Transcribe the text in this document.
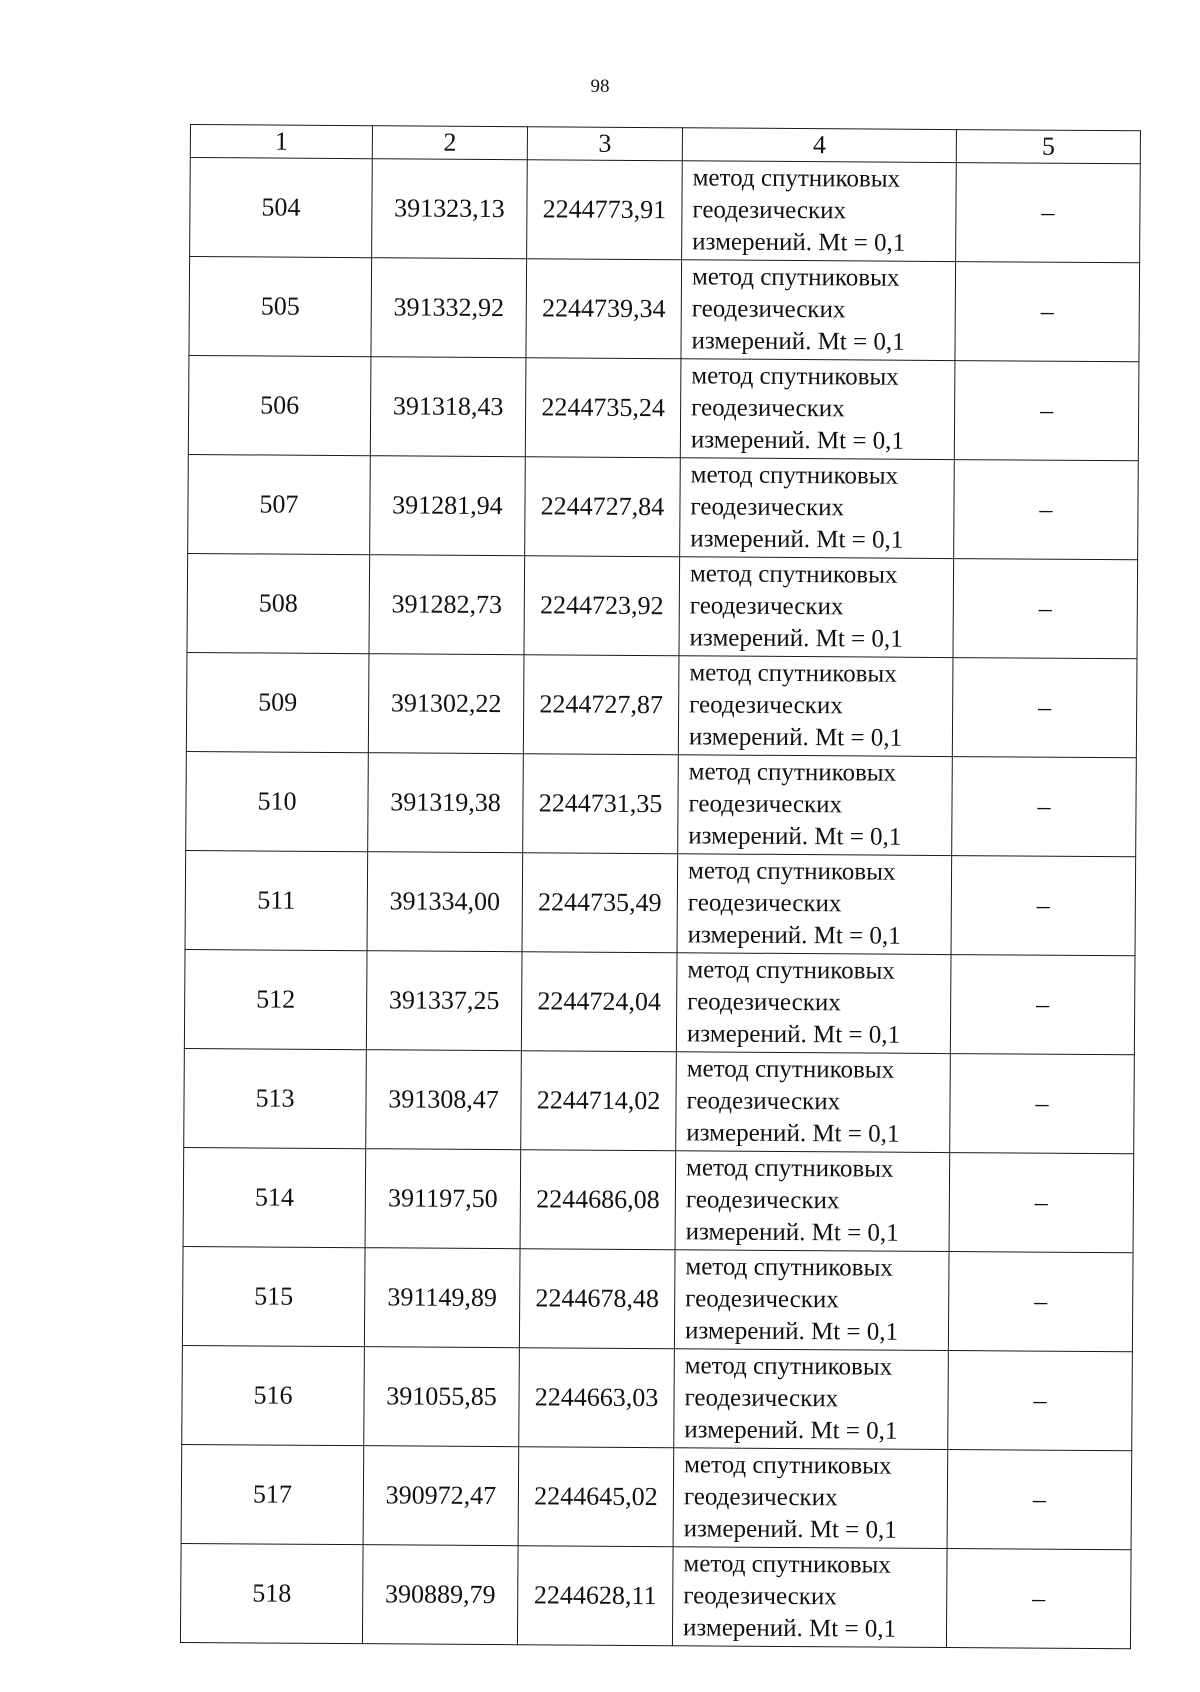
98
1	2	3	4	5
504	391323,13	2244773,91	метод спутниковых
геодезических
измерений. Mt = 0,1	–
505	391332,92	2244739,34	метод спутниковых
геодезических
измерений. Mt = 0,1	–
506	391318,43	2244735,24	метод спутниковых
геодезических
измерений. Mt = 0,1	–
507	391281,94	2244727,84	метод спутниковых
геодезических
измерений. Mt = 0,1	–
508	391282,73	2244723,92	метод спутниковых
геодезических
измерений. Mt = 0,1	–
509	391302,22	2244727,87	метод спутниковых
геодезических
измерений. Mt = 0,1	–
510	391319,38	2244731,35	метод спутниковых
геодезических
измерений. Mt = 0,1	–
511	391334,00	2244735,49	метод спутниковых
геодезических
измерений. Mt = 0,1	–
512	391337,25	2244724,04	метод спутниковых
геодезических
измерений. Mt = 0,1	–
513	391308,47	2244714,02	метод спутниковых
геодезических
измерений. Mt = 0,1	–
514	391197,50	2244686,08	метод спутниковых
геодезических
измерений. Mt = 0,1	–
515	391149,89	2244678,48	метод спутниковых
геодезических
измерений. Mt = 0,1	–
516	391055,85	2244663,03	метод спутниковых
геодезических
измерений. Mt = 0,1	–
517	390972,47	2244645,02	метод спутниковых
геодезических
измерений. Mt = 0,1	–
518	390889,79	2244628,11	метод спутниковых
геодезических
измерений. Mt = 0,1	–
